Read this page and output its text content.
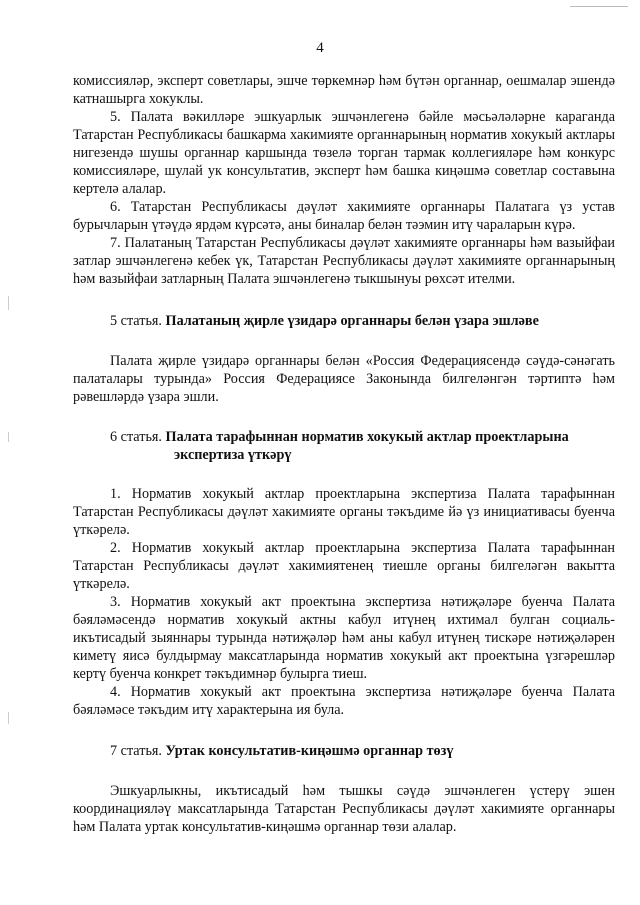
4

комиссияләр, эксперт советлары, эшче төркемнәр һәм бүтән органнар, оешмалар эшендә катнашырга хокуклы.

5. Палата вәкилләре эшкуарлык эшчәнлегенә бәйле мәсьәләләрне караганда Татарстан Республикасы башкарма хакимияте органнарының норматив хокукый актлары нигезендә шушы органнар каршында төзелә торган тармак коллегияләре һәм конкурс комиссияләре, шулай ук консультатив, эксперт һәм башка киңәшмә советлар составына кертелә алалар.

6. Татарстан Республикасы дәүләт хакимияте органнары Палатага үз устав бурычларын үтәүдә ярдәм күрсәтә, аны биналар белән тәэмин итү чараларын күрә.

7. Палатаның Татарстан Республикасы дәүләт хакимияте органнары һәм вазыйфаи затлар эшчәнлегенә кебек үк, Татарстан Республикасы дәүләт хакимияте органнарының һәм вазыйфаи затларның Палата эшчәнлегенә тыкшынуы рөхсәт ителми.

5 статья. Палатаның җирле үзидарә органнары белән үзара эшләве

Палата җирле үзидарә органнары белән «Россия Федерациясендә сәүдә-сәнәгать палаталары турында» Россия Федерациясе Законында билгеләнгән тәртиптә һәм рәвешләрдә үзара эшли.

6 статья. Палата тарафыннан норматив хокукый актлар проектларына
экспертиза үткәрү

1. Норматив хокукый актлар проектларына экспертиза Палата тарафыннан Татарстан Республикасы дәүләт хакимияте органы тәкъдиме йә үз инициативасы буенча үткәрелә.

2. Норматив хокукый актлар проектларына экспертиза Палата тарафыннан Татарстан Республикасы дәүләт хакимиятенең тиешле органы билгеләгән вакытта үткәрелә.

3. Норматив хокукый акт проектына экспертиза нәтиҗәләре буенча Палата бәяләмәсендә норматив хокукый актны кабул итүнең ихтимал булган социаль-икътисадый зыяннары турында нәтиҗәләр һәм аны кабул итүнең тискәре нәтиҗәләрен киметү яисә булдырмау максатларында норматив хокукый акт проектына үзгәрешләр кертү буенча конкрет тәкъдимнәр булырга тиеш.

4. Норматив хокукый акт проектына экспертиза нәтиҗәләре буенча Палата бәяләмәсе тәкъдим итү характерына ия була.

7 статья. Уртак консультатив-киңәшмә органнар төзү

Эшкуарлыкны, икътисадый һәм тышкы сәүдә эшчәнлеген үстерү эшен координацияләү максатларында Татарстан Республикасы дәүләт хакимияте органнары һәм Палата уртак консультатив-киңәшмә органнар төзи алалар.
